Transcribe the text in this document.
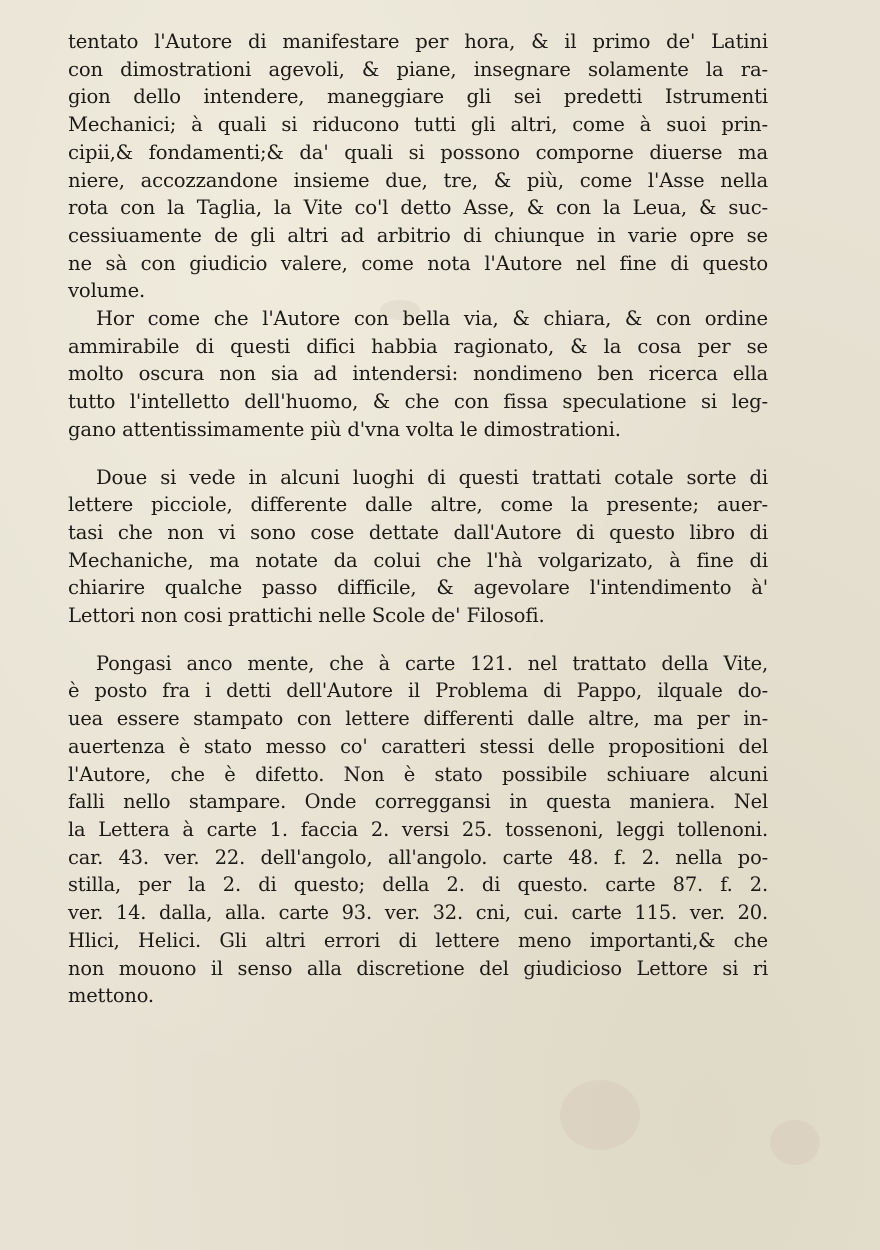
tentato l'Autore di manifestare per hora, & il primo de' Latini
con dimostrationi agevoli, & piane, insegnare solamente la ra-
gion dello intendere, maneggiare gli sei predetti Istrumenti
Mechanici; à quali si riducono tutti gli altri, come à suoi prin-
cipii,& fondamenti;& da' quali si possono comporne diuerse ma
niere, accozzandone insieme due, tre, & più, come l'Asse nella
rota con la Taglia, la Vite co'l detto Asse, & con la Leua, & suc-
cessiuamente de gli altri ad arbitrio di chiunque in varie opre se
ne sà con giudicio valere, come nota l'Autore nel fine di questo
volume.

Hor come che l'Autore con bella via, & chiara, & con ordine
ammirabile di questi difici habbia ragionato, & la cosa per se
molto oscura non sia ad intendersi: nondimeno ben ricerca ella
tutto l'intelletto dell'huomo, & che con fissa speculatione si leg-
gano attentissimamente più d'vna volta le dimostrationi.

Doue si vede in alcuni luoghi di questi trattati cotale sorte di
lettere picciole, differente dalle altre, come la presente; auer-
tasi che non vi sono cose dettate dall'Autore di questo libro di
Mechaniche, ma notate da colui che l'hà volgarizato, à fine di
chiarire qualche passo difficile, & agevolare l'intendimento à'
Lettori non cosi prattichi nelle Scole de' Filosofi.

Pongasi anco mente, che à carte 121. nel trattato della Vite,
è posto fra i detti dell'Autore il Problema di Pappo, ilquale do-
uea essere stampato con lettere differenti dalle altre, ma per in-
auertenza è stato messo co' caratteri stessi delle propositioni del
l'Autore, che è difetto. Non è stato possibile schiuare alcuni
falli nello stampare. Onde correggansi in questa maniera. Nel
la Lettera à carte 1. faccia 2. versi 25. tossenoni, leggi tollenoni.
car. 43. ver. 22. dell'angolo, all'angolo. carte 48. f. 2. nella po-
stilla, per la 2. di questo; della 2. di questo. carte 87. f. 2.
ver. 14. dalla, alla. carte 93. ver. 32. cni, cui. carte 115. ver. 20.
Hlici, Helici. Gli altri errori di lettere meno importanti,& che
non mouono il senso alla discretione del giudicioso Lettore si ri
mettono.
